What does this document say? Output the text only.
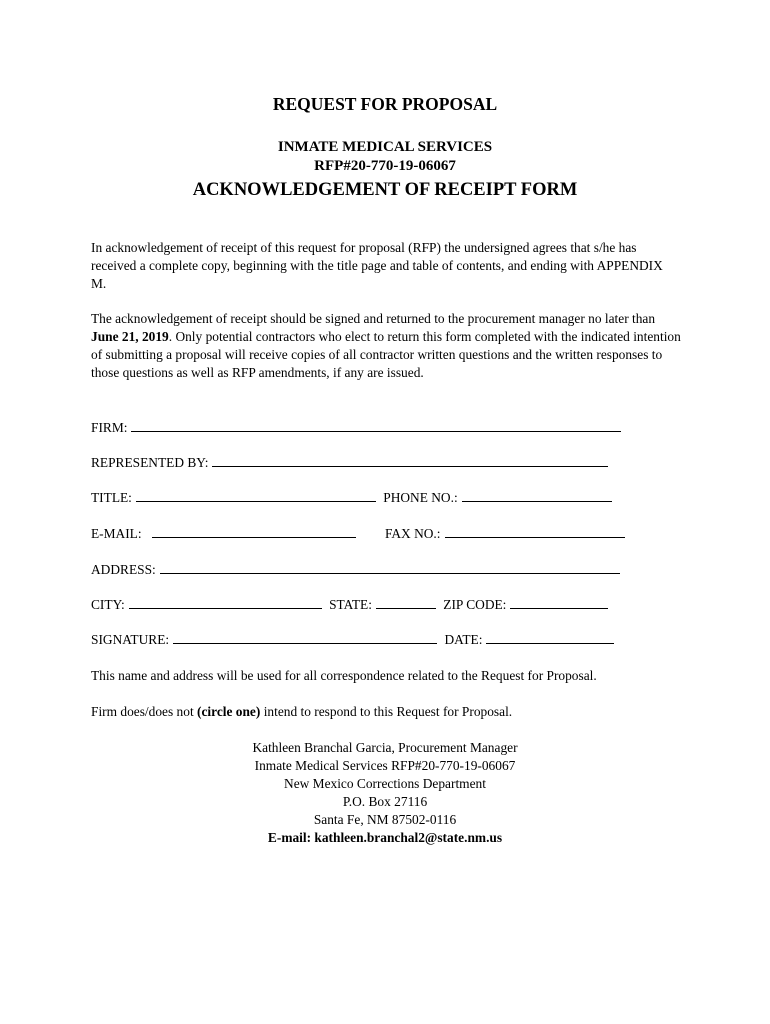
REQUEST FOR PROPOSAL
INMATE MEDICAL SERVICES
RFP#20-770-19-06067
ACKNOWLEDGEMENT OF RECEIPT FORM
In acknowledgement of receipt of this request for proposal (RFP) the undersigned agrees that s/he has received a complete copy, beginning with the title page and table of contents, and ending with APPENDIX M.
The acknowledgement of receipt should be signed and returned to the procurement manager no later than June 21, 2019. Only potential contractors who elect to return this form completed with the indicated intention of submitting a proposal will receive copies of all contractor written questions and the written responses to those questions as well as RFP amendments, if any are issued.
FIRM:
REPRESENTED BY:
TITLE:	PHONE NO.:
E-MAIL:	FAX NO.:
ADDRESS:
CITY:	STATE:	ZIP CODE:
SIGNATURE:	DATE:
This name and address will be used for all correspondence related to the Request for Proposal.
Firm does/does not (circle one) intend to respond to this Request for Proposal.
Kathleen Branchal Garcia, Procurement Manager
Inmate Medical Services RFP#20-770-19-06067
New Mexico Corrections Department
P.O. Box 27116
Santa Fe, NM 87502-0116
E-mail: kathleen.branchal2@state.nm.us
